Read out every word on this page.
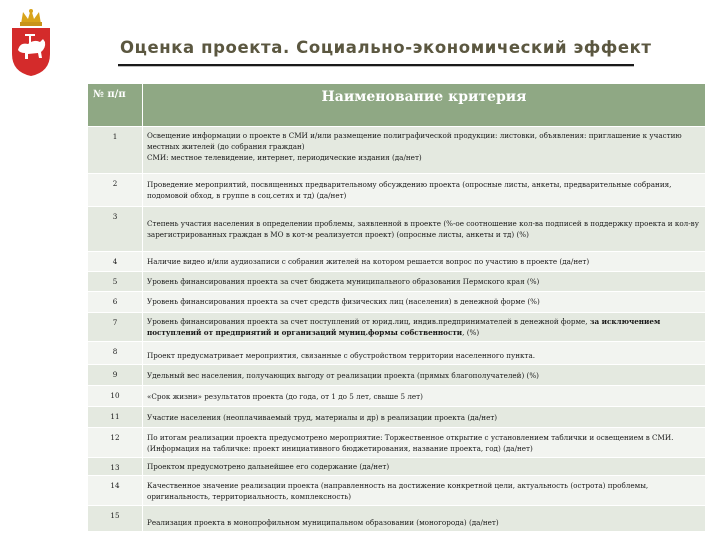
Оценка проекта. Социально-экономический эффект
№ п/п	Наименование критерия
1	Освещение информации о проекте в СМИ и/или размещение полиграфической продукции: листовки, объявления: приглашение к участию местных жителей (до собрания граждан)
СМИ: местное телевидение, интернет, периодические издания (да/нет)

2	Проведение мероприятий, посвященных предварительному обсуждению проекта (опросные листы, анкеты, предварительные собрания, подомовой обход, в группе в соц.сетях и тд) (да/нет)
3	Степень участия населения в определении проблемы, заявленной в проекте (%-ое соотношение кол-ва подписей в поддержку проекта и кол-ву зарегистрированных граждан в МО в кот-м реализуется проект) (опросные листы, анкеты и тд) (%)
4	Наличие видео и/или аудиозаписи с собрания жителей на котором решается вопрос по участию в проекте (да/нет)
5	Уровень финансирования проекта за счет бюджета муниципального образования Пермского края (%)
6	Уровень финансирования проекта за счет средств физических лиц (населения) в денежной форме (%)
7	Уровень финансирования проекта за счет поступлений от юрид.лиц, индив.предпринимателей в денежной форме, за исключением поступлений от предприятий и организаций муниц.формы собственности, (%)
8	Проект предусматривает мероприятия, связанные с обустройством территории населенного пункта.
9	Удельный вес населения, получающих выгоду от реализации проекта (прямых благополучателей) (%)
10	«Срок жизни» результатов проекта (до года, от 1 до 5 лет, свыше 5 лет)
11	Участие населения (неоплачиваемый труд, материалы и др) в реализации проекта (да/нет)
12	По итогам реализации проекта предусмотрено мероприятие: Торжественное открытие с установлением таблички и освещением в СМИ. (Информация на табличке: проект инициативного бюджетирования, название проекта, год) (да/нет)
13	Проектом предусмотрено дальнейшее его содержание (да/нет)
14	Качественное значение реализации проекта (направленность на достижение конкретной цели, актуальность (острота) проблемы, оригинальность, территориальность, комплексность)
15	Реализация проекта в монопрофильном муниципальном образовании (моногорода) (да/нет)
